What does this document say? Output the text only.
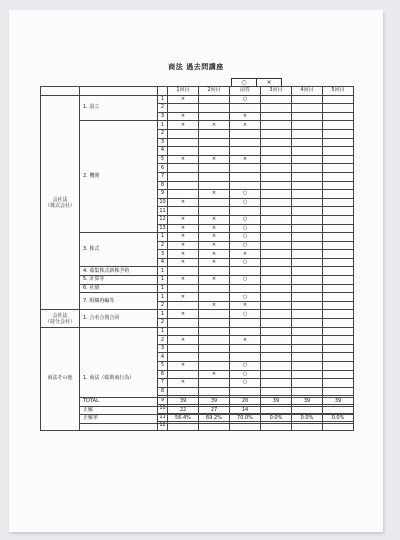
商法 過去問講座
○	×
			1回目	2回目	前答	3回目	4回目	5回目

会社法
（株式会社）	1. 設立	1	×		○			
		2						
		3	×		×			
	2. 機関	1	×	×	×			
		2						
		3						
		4						
		5	×	×	×			
		6						
		7						
		8						
		9		×	○			
		10	×		○			
		11						
		12	×	×	○			
		13	×	×	○			
	3. 株式	1	×	×	○			
		2	×	×	○			
		3	×	×	×			
		4	×	×	○			
	4. 募集株式新株予約	1						
	5. 計算等	1	×	×	○			
	6. 社債	1						
	7. 組織再編等	1	×		○			
		2		×	×			

会社法
（持分会社）	1. 合名合資合同	1	×		○			
		2						
商法その他	1. 商法（総則商行為）	1						
		2	×		×			
		3						
		4						
		5	×		○			
		6		×	○			
		7	×		○			
		8						
		9						
		10						
		11						
		12						
TOTAL	39	39	20	39	39	39
正解	22	27	14			
正解率	56.4%	69.2%	70.0%	0.0%	0.0%	0.0%
